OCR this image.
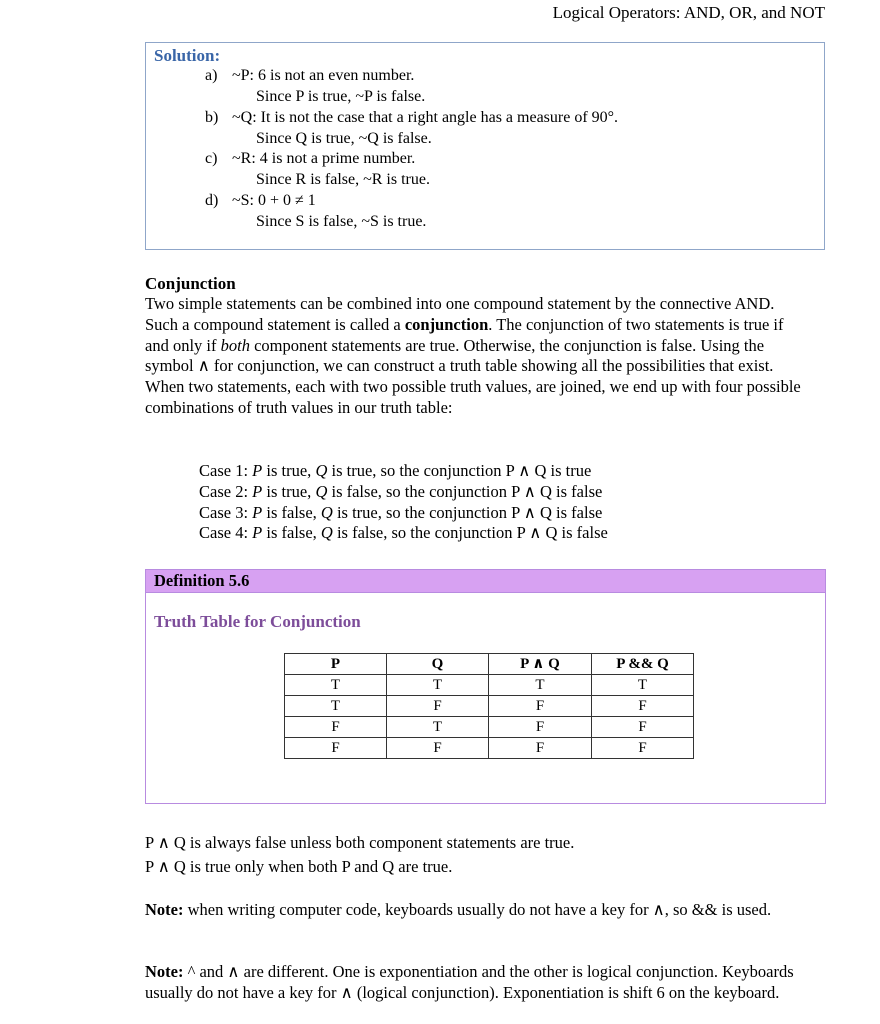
Logical Operators: AND, OR, and NOT
Solution:
a) ~P: 6 is not an even number.
Since P is true, ~P is false.
b) ~Q: It is not the case that a right angle has a measure of 90°.
Since Q is true, ~Q is false.
c) ~R: 4 is not a prime number.
Since R is false, ~R is true.
d) ~S: 0 + 0 ≠ 1
Since S is false, ~S is true.
Conjunction
Two simple statements can be combined into one compound statement by the connective AND. Such a compound statement is called a conjunction. The conjunction of two statements is true if and only if both component statements are true. Otherwise, the conjunction is false. Using the symbol ∧ for conjunction, we can construct a truth table showing all the possibilities that exist. When two statements, each with two possible truth values, are joined, we end up with four possible combinations of truth values in our truth table:
Case 1: P is true, Q is true, so the conjunction P ∧ Q is true
Case 2: P is true, Q is false, so the conjunction P ∧ Q is false
Case 3: P is false, Q is true, so the conjunction P ∧ Q is false
Case 4: P is false, Q is false, so the conjunction P ∧ Q is false
Definition 5.6
Truth Table for Conjunction
P	Q	P ∧ Q	P && Q
T	T	T	T
T	F	F	F
F	T	F	F
F	F	F	F
P ∧ Q is always false unless both component statements are true.
P ∧ Q is true only when both P and Q are true.
Note: when writing computer code, keyboards usually do not have a key for ∧, so && is used.
Note: ^ and ∧ are different. One is exponentiation and the other is logical conjunction. Keyboards usually do not have a key for ∧ (logical conjunction). Exponentiation is shift 6 on the keyboard.
